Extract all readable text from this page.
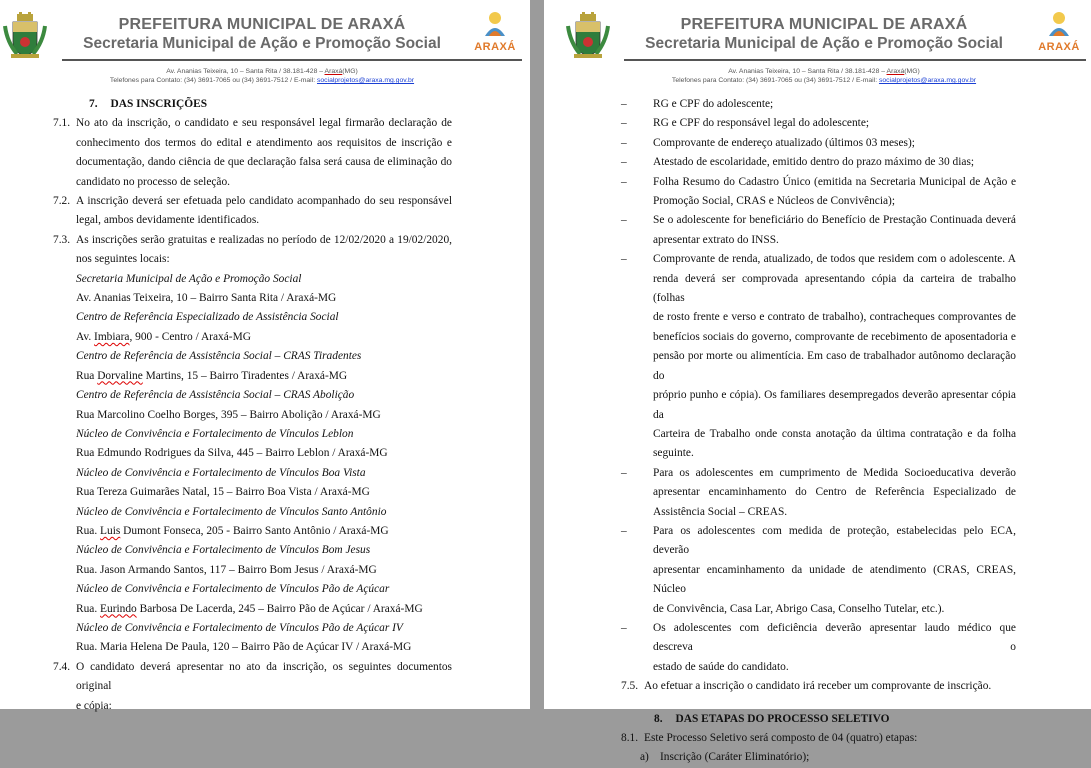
PREFEITURA MUNICIPAL DE ARAXÁ
Secretaria Municipal de Ação e Promoção Social	ARAXÁ
Av. Ananias Teixeira, 10 – Santa Rita / 38.181-428 – Araxá(MG)
Telefones para Contato: (34) 3691-7065 ou (34) 3691-7512 / E-mail: socialprojetos@araxa.mg.gov.br

7. DAS INSCRIÇÕES

7.1. No ato da inscrição, o candidato e seu responsável legal firmarão declaração de

conhecimento dos termos do edital e atendimento aos requisitos de inscrição e

documentação, dando ciência de que declaração falsa será causa de eliminação do

candidato no processo de seleção.

7.2. A inscrição deverá ser efetuada pelo candidato acompanhado do seu responsável

legal, ambos devidamente identificados.

7.3. As inscrições serão gratuitas e realizadas no período de 12/02/2020 a 19/02/2020,

nos seguintes locais:

Secretaria Municipal de Ação e Promoção Social

Av. Ananias Teixeira, 10 – Bairro Santa Rita / Araxá-MG

Centro de Referência Especializado de Assistência Social

Av. Imbiara, 900 - Centro / Araxá-MG

Centro de Referência de Assistência Social – CRAS Tiradentes

Rua Dorvaline Martins, 15 – Bairro Tiradentes / Araxá-MG

Centro de Referência de Assistência Social – CRAS Abolição

Rua Marcolino Coelho Borges, 395 – Bairro Abolição / Araxá-MG

Núcleo de Convivência e Fortalecimento de Vínculos Leblon

Rua Edmundo Rodrigues da Silva, 445 – Bairro Leblon / Araxá-MG

Núcleo de Convivência e Fortalecimento de Vínculos Boa Vista

Rua Tereza Guimarães Natal, 15 – Bairro Boa Vista / Araxá-MG

Núcleo de Convivência e Fortalecimento de Vínculos Santo Antônio

Rua. Luis Dumont Fonseca, 205 - Bairro Santo Antônio / Araxá-MG

Núcleo de Convivência e Fortalecimento de Vínculos Bom Jesus

Rua. Jason Armando Santos, 117 – Bairro Bom Jesus / Araxá-MG

Núcleo de Convivência e Fortalecimento de Vínculos Pão de Açúcar

Rua. Eurindo Barbosa De Lacerda, 245 – Bairro Pão de Açúcar / Araxá-MG

Núcleo de Convivência e Fortalecimento de Vínculos Pão de Açúcar IV

Rua. Maria Helena De Paula, 120 – Bairro Pão de Açúcar IV / Araxá-MG

7.4. O candidato deverá apresentar no ato da inscrição, os seguintes documentos original

e cópia:

PREFEITURA MUNICIPAL DE ARAXÁ
Secretaria Municipal de Ação e Promoção Social	ARAXÁ
Av. Ananias Teixeira, 10 – Santa Rita / 38.181-428 – Araxá(MG)
Telefones para Contato: (34) 3691-7065 ou (34) 3691-7512 / E-mail: socialprojetos@araxa.mg.gov.br
– RG e CPF do adolescente;

– RG e CPF do responsável legal do adolescente;

– Comprovante de endereço atualizado (últimos 03 meses);

– Atestado de escolaridade, emitido dentro do prazo máximo de 30 dias;

– Folha Resumo do Cadastro Único (emitida na Secretaria Municipal de Ação e

Promoção Social, CRAS e Núcleos de Convivência);

– Se o adolescente for beneficiário do Benefício de Prestação Continuada deverá

apresentar extrato do INSS.

– Comprovante de renda, atualizado, de todos que residem com o adolescente. A

renda deverá ser comprovada apresentando cópia da carteira de trabalho (folhas

de rosto frente e verso e contrato de trabalho), contracheques comprovantes de

benefícios sociais do governo, comprovante de recebimento de aposentadoria e

pensão por morte ou alimentícia. Em caso de trabalhador autônomo declaração do

próprio punho e cópia). Os familiares desempregados deverão apresentar cópia da

Carteira de Trabalho onde consta anotação da última contratação e da folha

seguinte.

– Para os adolescentes em cumprimento de Medida Socioeducativa deverão

apresentar encaminhamento do Centro de Referência Especializado de

Assistência Social – CREAS.

– Para os adolescentes com medida de proteção, estabelecidas pelo ECA, deverão

apresentar encaminhamento da unidade de atendimento (CRAS, CREAS, Núcleo

de Convivência, Casa Lar, Abrigo Casa, Conselho Tutelar, etc.).

– Os adolescentes com deficiência deverão apresentar laudo médico que descreva o

estado de saúde do candidato.

7.5. Ao efetuar a inscrição o candidato irá receber um comprovante de inscrição.

8. DAS ETAPAS DO PROCESSO SELETIVO

8.1. Este Processo Seletivo será composto de 04 (quatro) etapas:

a) Inscrição (Caráter Eliminatório);
